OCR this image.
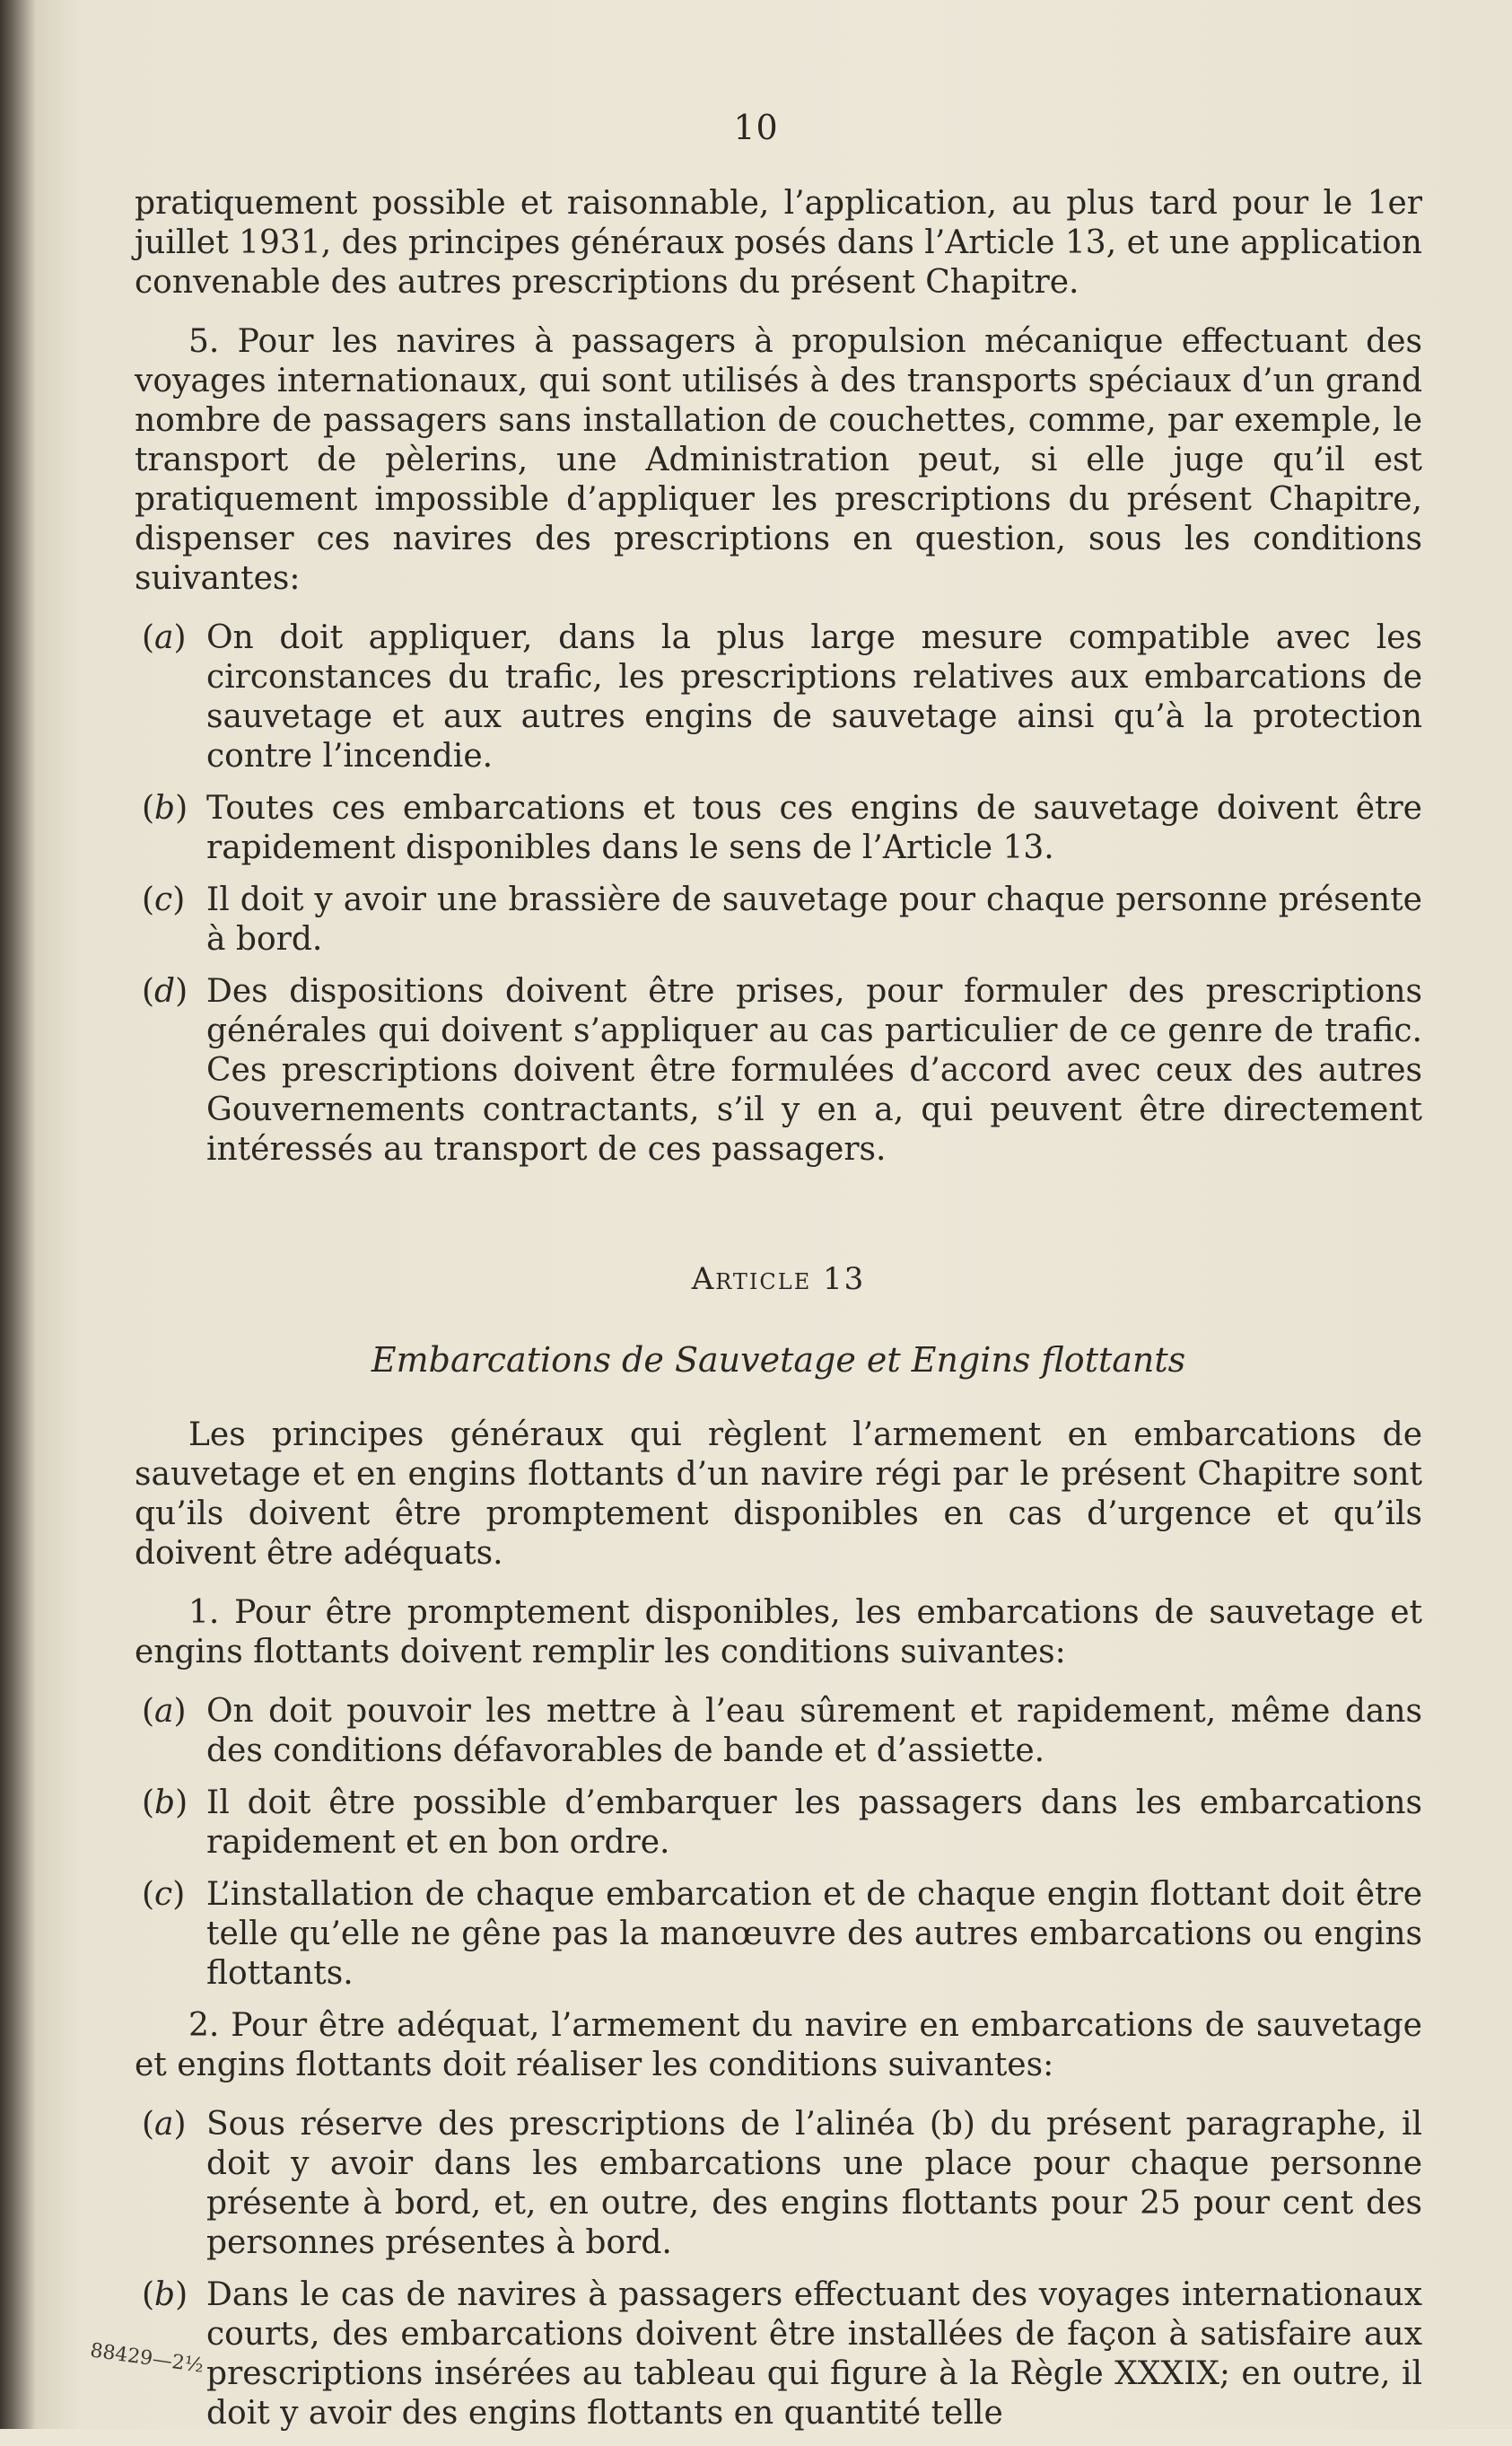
10

pratiquement possible et raisonnable, l’application, au plus tard pour le 1er juillet 1931, des principes généraux posés dans l’Article 13, et une application convenable des autres prescriptions du présent Chapitre.

5. Pour les navires à passagers à propulsion mécanique effectuant des voyages internationaux, qui sont utilisés à des transports spéciaux d’un grand nombre de passagers sans installation de couchettes, comme, par exemple, le transport de pèlerins, une Administration peut, si elle juge qu’il est pratiquement impossible d’appliquer les prescriptions du présent Chapitre, dispenser ces navires des prescriptions en question, sous les conditions suivantes:

(a) On doit appliquer, dans la plus large mesure compatible avec les circonstances du trafic, les prescriptions relatives aux embarcations de sauvetage et aux autres engins de sauvetage ainsi qu’à la protection contre l’incendie.
(b) Toutes ces embarcations et tous ces engins de sauvetage doivent être rapidement disponibles dans le sens de l’Article 13.
(c) Il doit y avoir une brassière de sauvetage pour chaque personne présente à bord.
(d) Des dispositions doivent être prises, pour formuler des prescriptions générales qui doivent s’appliquer au cas particulier de ce genre de trafic. Ces prescriptions doivent être formulées d’accord avec ceux des autres Gouvernements contractants, s’il y en a, qui peuvent être directement intéressés au transport de ces passagers.
Article 13
Embarcations de Sauvetage et Engins flottants

Les principes généraux qui règlent l’armement en embarcations de sauvetage et en engins flottants d’un navire régi par le présent Chapitre sont qu’ils doivent être promptement disponibles en cas d’urgence et qu’ils doivent être adéquats.

1. Pour être promptement disponibles, les embarcations de sauvetage et engins flottants doivent remplir les conditions suivantes:

(a) On doit pouvoir les mettre à l’eau sûrement et rapidement, même dans des conditions défavorables de bande et d’assiette.
(b) Il doit être possible d’embarquer les passagers dans les embarcations rapidement et en bon ordre.
(c) L’installation de chaque embarcation et de chaque engin flottant doit être telle qu’elle ne gêne pas la manœuvre des autres embarcations ou engins flottants.

2. Pour être adéquat, l’armement du navire en embarcations de sauvetage et engins flottants doit réaliser les conditions suivantes:

(a) Sous réserve des prescriptions de l’alinéa (b) du présent paragraphe, il doit y avoir dans les embarcations une place pour chaque personne présente à bord, et, en outre, des engins flottants pour 25 pour cent des personnes présentes à bord.
(b) Dans le cas de navires à passagers effectuant des voyages internationaux courts, des embarcations doivent être installées de façon à satisfaire aux prescriptions insérées au tableau qui figure à la Règle XXXIX; en outre, il doit y avoir des engins flottants en quantité telle
88429—2½
